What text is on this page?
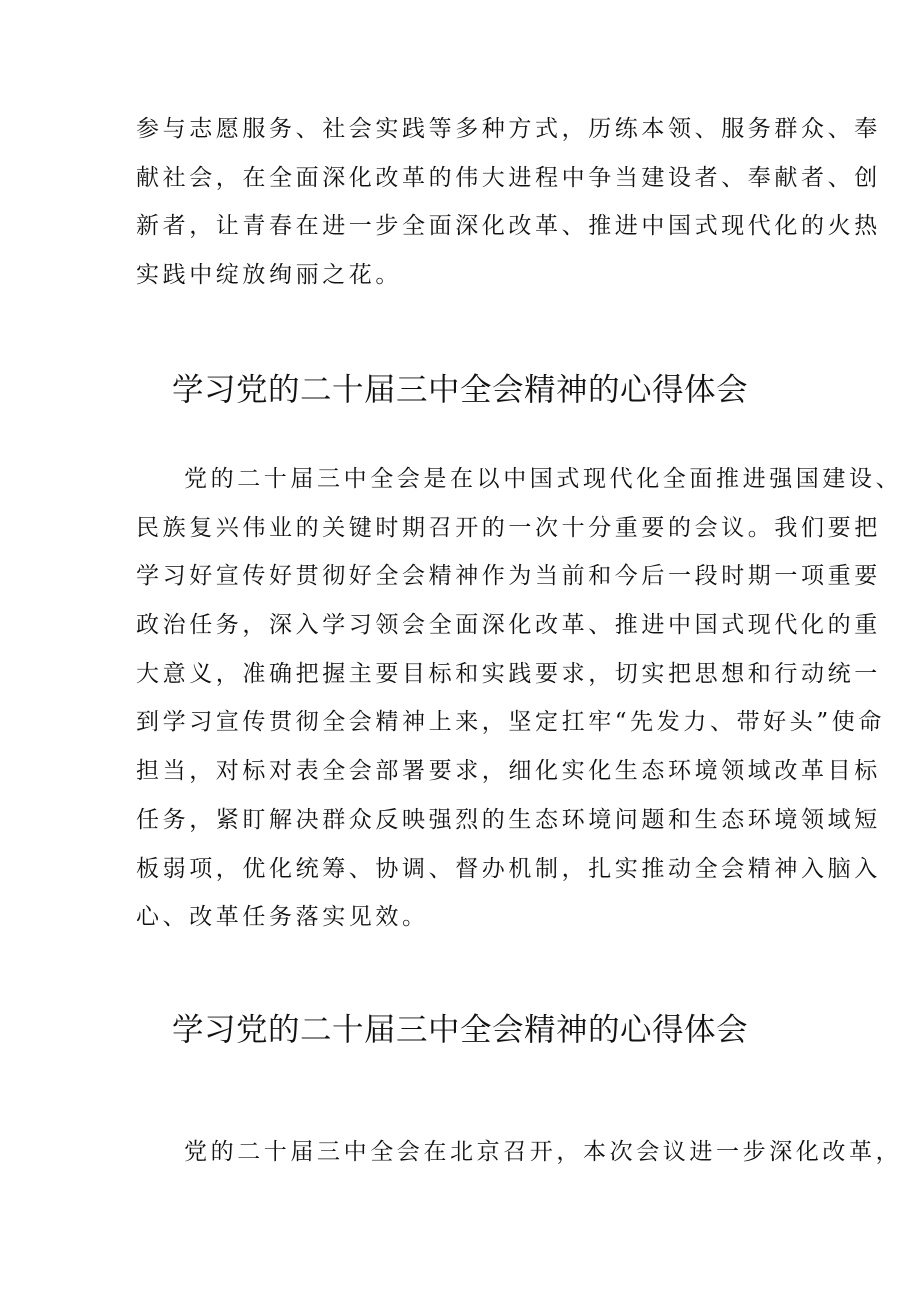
参与志愿服务、社会实践等多种方式，历练本领、服务群众、奉
献社会，在全面深化改革的伟大进程中争当建设者、奉献者、创
新者，让青春在进一步全面深化改革、推进中国式现代化的火热
实践中绽放绚丽之花。
学习党的二十届三中全会精神的心得体会
党的二十届三中全会是在以中国式现代化全面推进强国建设、
民族复兴伟业的关键时期召开的一次十分重要的会议。我们要把
学习好宣传好贯彻好全会精神作为当前和今后一段时期一项重要
政治任务，深入学习领会全面深化改革、推进中国式现代化的重
大意义，准确把握主要目标和实践要求，切实把思想和行动统一
到学习宣传贯彻全会精神上来，坚定扛牢“先发力、带好头”使命
担当，对标对表全会部署要求，细化实化生态环境领域改革目标
任务，紧盯解决群众反映强烈的生态环境问题和生态环境领域短
板弱项，优化统筹、协调、督办机制，扎实推动全会精神入脑入
心、改革任务落实见效。
学习党的二十届三中全会精神的心得体会
党的二十届三中全会在北京召开，本次会议进一步深化改革，
